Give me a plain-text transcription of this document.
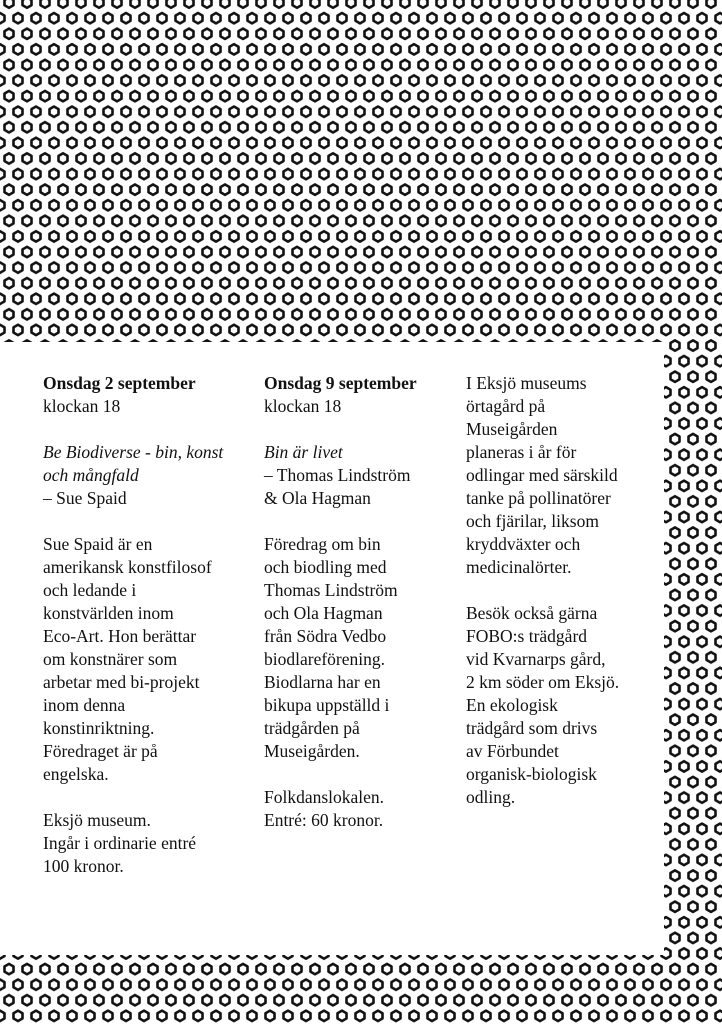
Onsdag 2 september
klockan 18

Be Biodiverse - bin, konst
och mångfald
– Sue Spaid

Sue Spaid är en
amerikansk konstfilosof
och ledande i
konstvärlden inom
Eco-Art. Hon berättar
om konstnärer som
arbetar med bi-projekt
inom denna
konstinriktning.
Föredraget är på
engelska.

Eksjö museum.
Ingår i ordinarie entré
100 kronor.

Onsdag 9 september
klockan 18

Bin är livet
– Thomas Lindström
& Ola Hagman

Föredrag om bin
och biodling med
Thomas Lindström
och Ola Hagman
från Södra Vedbo
biodlareförening.
Biodlarna har en
bikupa uppställd i
trädgården på
Museigården.

Folkdanslokalen.
Entré: 60 kronor.

I Eksjö museums
örtagård på
Museigården
planeras i år för
odlingar med särskild
tanke på pollinatörer
och fjärilar, liksom
kryddväxter och
medicinalörter.

Besök också gärna
FOBO:s trädgård
vid Kvarnarps gård,
2 km söder om Eksjö.
En ekologisk
trädgård som drivs
av Förbundet
organisk-biologisk
odling.
